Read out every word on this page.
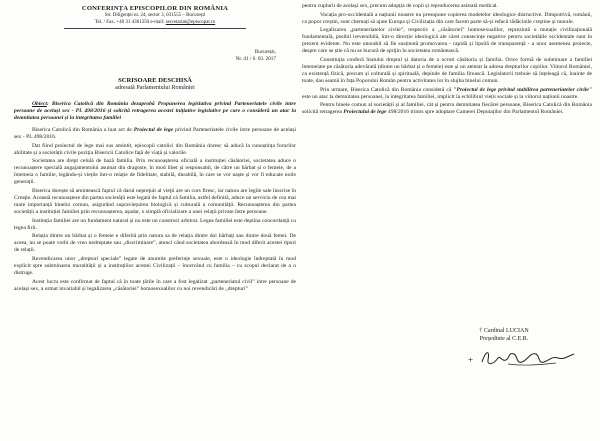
CONFERINȚA EPISCOPILOR DIN ROMÂNIA
Str. Diligenței nr. 24, sector 3, 031555 – București
Tel. / Fax. +40 31 4361250 e-mail: secretariat@episcopat.ro
București,
Nr. 41 / 6. 03. 2017
SCRISOARE DESCHISĂ
adresată Parlamentului României

Obiect: Biserica Catolică din România dezaprobă Propunerea legislativa privind Parteneriatele civile intre persoane de același sex - PL 498/2016 și solicită retragerea acestei inițiative legislative pe care o consideră un atac la demnitatea persoanei și la integritatea familiei

Biserica Catolică din România a luat act de Proiectul de lege privind Parteneriatele civile intre persoane de același sex - PL 498/2016.

Dat fiind proiectul de lege mai sus amintit, episcopii catolici din România doresc să aducă la cunoștința forurilor abilitate și a societății civile poziția Bisericii Catolice față de viață și valorile.

Societatea are drept celulă de bază familia. Prin recunoașterea oficială a instituției căsătoriei, societatea aduce o recunoaștere specială angajamentului asumat din dragoste, în mod liber și responsabil, de către un bărbat și o femeie, de a întemeia o familie, legându-și viețile într-o relație de fidelitate, stabilă, durabilă, în care se vor naște și vor fi educate noile generații.

Biserica dorește să amintească faptul că darul nepreţuit al vieţii are un curs firesc, iar natura are legile sale înscrise în Creaţie. Această recunoaștere din partea societății este legată de faptul că familia, astfel definită, aduce un serviciu de cea mai mare importanță binelui comun, asigurând supraviețuirea biologică și culturală a comunității. Recunoașterea din partea societății a instituției familiei prin recunoașterea, așadar, o simplă oficializare a unei relații private între persoane.

Instituția familiei are un fundament natural și nu este un construct arbitrar. Legea familiei este deplina concordanță cu legea firii.

Relația dintre un bărbat și o femeie e diferită prin natura sa de relația dintre doi bărbați sau dintre două femei. De aceea, nu se poate vorbi de vreo nedreptate sau „discriminare”, atunci când societatea abordează în mod diferit acestei tipuri de relații.

Revendicarea unor „drepturi speciale” legate de anumite preferințe sexuale, este o ideologie îndreptată în mod explicit spre subminarea moralității și a instituțiilor acestei Civilizații – încercând cu familia – cu scopul declarat de a o distruge.

Acest lucru este confirmat de faptul că în toate țările în care a fost legalizat „parteneriatul civil” intre persoane de același sex, a urmat invariabil și legalizarea „căsătoriei” homosexualilor cu noi revendicări de „drepturi”

pentru cuplurii de același sex, precum adopția de copii și reproducerea asistată medical.

Vocația pro-occidentală a națiunii noastre nu presupune copierea modelelor ideologice distructive. Dimpotrivă, românii, ca popor creștin, sunt chemați să ajute Europa și Civilizația din care facem parte să-și refacă rădăcinile creștine și morale.

Legalizarea „parteneriatelor civile”, respectiv a „căsătoriei” homosexualilor, reprezintă o mutație civilizațională fundamentală, posibil ireversibilă, într-o direcție ideologică ale cărei consecințe negative pentru societățile occidentale sunt în prezent evidente. Nu este onorabil să fie susținută promovarea - rapidă și lipsită de transparență - a unor asemenea proiecte, despre care se știe că nu se bucură de sprijin în societatea românească.

Constituția conferă Statului dreptul și datoria de a ocroti căsătoria și familia. Orice formă de subminare a familiei întemeiate pe căsătoria adevărată (dintre un bărbat și o femeie) este și un atentat la adresa drepturilor copiilor. Viitorul României, ca existență fizică, precum și culturală și spirituală, depinde de familia firească. Legislatorii trebuie să înțeleagă că, înainte de toate, dau seamă în fața Poporului Român pentru activitatea lor în slujba binelui comun.

Prin urmare, Biserica Catolică din România consideră că "Proiectul de lege privind stabilirea parteneriatelor civile" este un atac la demnitatea persoanei, la integritatea familiei, implicit la echilibrul vieții sociale și la viitorul națiunii noastre.

Pentru binele comun al societății și al familiei, cât și pentru demnitatea fiecărei persoane, Biserica Catolică din România solicită retragerea Proiectului de lege 498/2016 trimis spre adoptare Camerei Deputaților din Parlamentul României.

† Cardinal LUCIAN
Președinte al C.E.R.
+
